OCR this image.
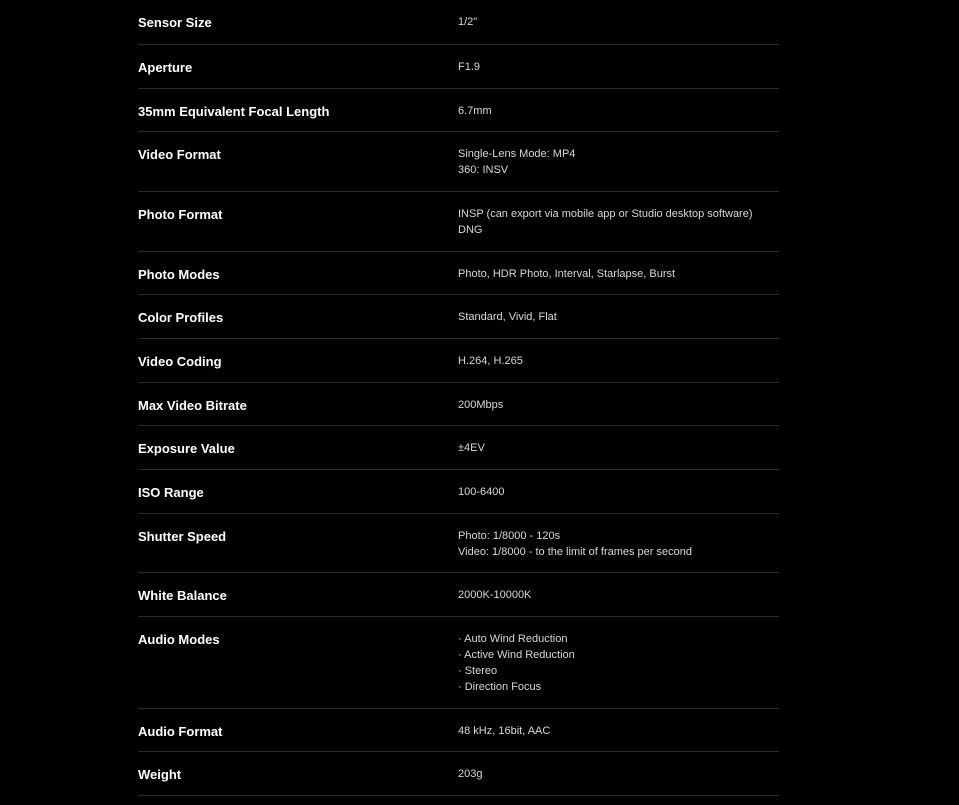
Sensor Size	1/2"
Aperture	F1.9
35mm Equivalent Focal Length	6.7mm
Video Format	Single-Lens Mode: MP4
360: INSV
Photo Format	INSP (can export via mobile app or Studio desktop software)
DNG
Photo Modes	Photo, HDR Photo, Interval, Starlapse, Burst
Color Profiles	Standard, Vivid, Flat
Video Coding	H.264, H.265
Max Video Bitrate	200Mbps
Exposure Value	±4EV
ISO Range	100-6400
Shutter Speed	Photo: 1/8000 - 120s
Video: 1/8000 - to the limit of frames per second
White Balance	2000K-10000K
Audio Modes	· Auto Wind Reduction
· Active Wind Reduction
· Stereo
· Direction Focus
Audio Format	48 kHz, 16bit, AAC
Weight	203g
